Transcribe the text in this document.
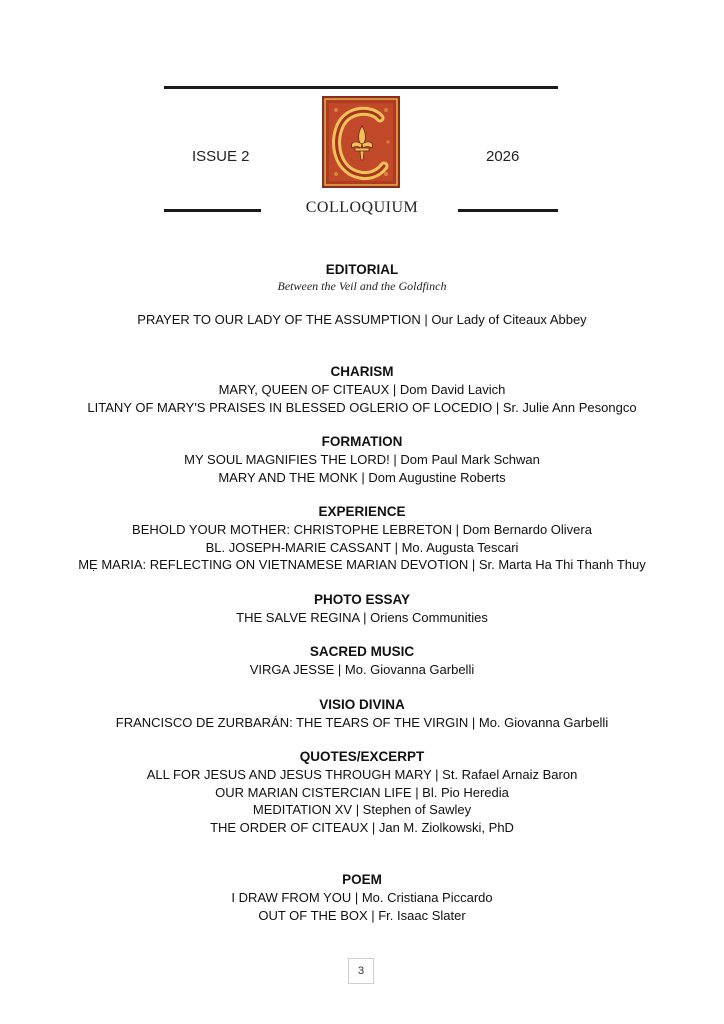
ISSUE 2	2026
COLLOQUIUM
EDITORIAL
Between the Veil and the Goldfinch
PRAYER TO OUR LADY OF THE ASSUMPTION | Our Lady of Citeaux Abbey
CHARISM
MARY, QUEEN OF CITEAUX | Dom David Lavich
LITANY OF MARY'S PRAISES IN BLESSED OGLERIO OF LOCEDIO | Sr. Julie Ann Pesongco
FORMATION
MY SOUL MAGNIFIES THE LORD! | Dom Paul Mark Schwan
MARY AND THE MONK | Dom Augustine Roberts
EXPERIENCE
BEHOLD YOUR MOTHER: CHRISTOPHE LEBRETON | Dom Bernardo Olivera
BL. JOSEPH-MARIE CASSANT | Mo. Augusta Tescari
MẸ MARIA: REFLECTING ON VIETNAMESE MARIAN DEVOTION | Sr. Marta Ha Thi Thanh Thuy
PHOTO ESSAY
THE SALVE REGINA | Oriens Communities
SACRED MUSIC
VIRGA JESSE | Mo. Giovanna Garbelli
VISIO DIVINA
FRANCISCO DE ZURBARÁN: THE TEARS OF THE VIRGIN | Mo. Giovanna Garbelli
QUOTES/EXCERPT
ALL FOR JESUS AND JESUS THROUGH MARY | St. Rafael Arnaiz Baron
OUR MARIAN CISTERCIAN LIFE | Bl. Pio Heredia
MEDITATION XV | Stephen of Sawley
THE ORDER OF CITEAUX | Jan M. Ziolkowski, PhD
POEM
I DRAW FROM YOU | Mo. Cristiana Piccardo
OUT OF THE BOX | Fr. Isaac Slater
3
